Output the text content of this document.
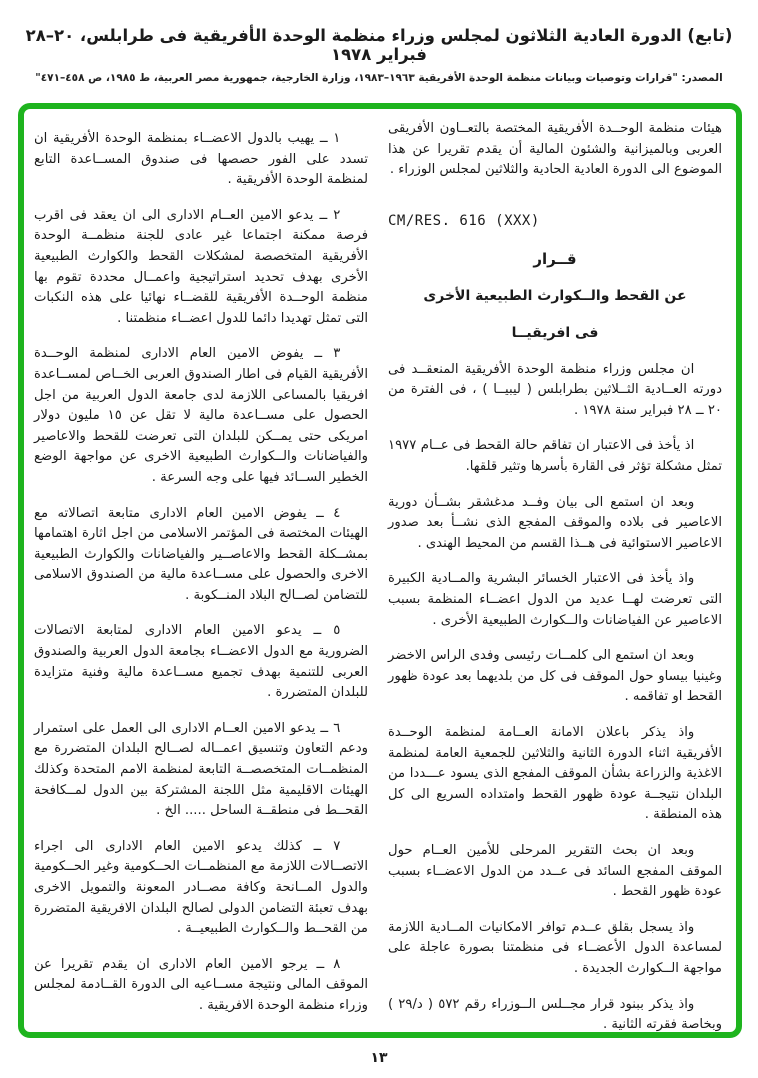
(تابع) الدورة العادية الثلاثون لمجلس وزراء منظمة الوحدة الأفريقية فى طرابلس، ٢٠–٢٨ فبراير ١٩٧٨
المصدر: "قرارات وتوصيات وبيانات منظمة الوحدة الأفريقية ١٩٦٣–١٩٨٣، وزارة الخارجية، جمهورية مصر العربية، ط ١٩٨٥، ص ٤٥٨–٤٧١"

هيئات منظمة الوحــدة الأفريقية المختصة بالتعــاون الأفريقى العربى وبالميزانية والشئون المالية أن يقدم تقريرا عن هذا الموضوع الى الدورة العادية الحادية والثلاثين لمجلس الوزراء .

CM/RES. 616 (XXX)

قــرار

عن القحط والــكوارث الطبيعية الأخرى

فى افريقيــا

ان مجلس وزراء منظمة الوحدة الأفريقية المنعقــد فى دورته العــادية الثــلاثين بطرابلس ( ليبيــا ) ، فى الفترة من ٢٠ ــ ٢٨ فبراير سنة ١٩٧٨ .

اذ يأخذ فى الاعتبار ان تفاقم حالة القحط فى عــام ١٩٧٧ تمثل مشكلة تؤثر فى القارة بأسرها وتثير قلقها.

وبعد ان استمع الى بيان وفــد مدغشقر بشــأن دورية الاعاصير فى بلاده والموقف المفجع الذى نشــأ بعد صدور الاعاصير الاستوائية فى هــذا القسم من المحيط الهندى .

واذ يأخذ فى الاعتبار الخسائر البشرية والمــادية الكبيرة التى تعرضت لهــا عديد من الدول اعضــاء المنظمة بسبب الاعاصير عن الفياضانات والــكوارث الطبيعية الأخرى .

وبعد ان استمع الى كلمــات رئيسى وفدى الراس الاخضر وغينيا بيساو حول الموقف فى كل من بلديهما بعد عودة ظهور القحط او تفاقمه .

واذ يذكر باعلان الامانة العــامة لمنظمة الوحــدة الأفريقية اثناء الدورة الثانية والثلاثين للجمعية العامة لمنظمة الاغذية والزراعة بشأن الموقف المفجع الذى يسود عـــددا من البلدان نتيجــة عودة ظهور القحط وامتداده السريع الى كل هذه المنطقة .

وبعد ان بحث التقرير المرحلى للأمين العــام حول الموقف المفجع السائد فى عــدد من الدول الاعضــاء بسبب عودة ظهور القحط .

واذ يسجل بقلق عــدم توافر الامكانيات المــادية اللازمة لمساعدة الدول الأعضــاء فى منظمتنا بصورة عاجلة على مواجهة الــكوارث الجديدة .

واذ يذكر ببنود قرار مجــلس الــوزراء رقم ٥٧٢ ( د/٢٩ ) وبخاصة فقرته الثانية .

١ ــ يهيب بالدول الاعضــاء بمنظمة الوحدة الأفريقية ان تسدد على الفور حصصها فى صندوق المســاعدة التابع لمنظمة الوحدة الأفريقية .

٢ ــ يدعو الامين العــام الادارى الى ان يعقد فى اقرب فرصة ممكنة اجتماعا غير عادى للجنة منظمــة الوحدة الأفريقية المتخصصة لمشكلات القحط والكوارث الطبيعية الأخرى بهدف تحديد استراتيجية واعمــال محددة تقوم بها منظمة الوحــدة الأفريقية للقضــاء نهائيا على هذه النكبات التى تمثل تهديدا دائما للدول اعضــاء منظمتنا .

٣ ــ يفوض الامين العام الادارى لمنظمة الوحــدة الأفريقية القيام فى اطار الصندوق العربى الخــاص لمســاعدة افريقيا بالمساعى اللازمة لدى جامعة الدول العربية من اجل الحصول على مســاعدة مالية لا تقل عن ١٥ مليون دولار امريكى حتى يمــكن للبلدان التى تعرضت للقحط والاعاصير والفياضانات والــكوارث الطبيعية الاخرى عن مواجهة الوضع الخطير الســائد فيها على وجه السرعة .

٤ ــ يفوض الامين العام الادارى متابعة اتصالاته مع الهيئات المختصة فى المؤتمر الاسلامى من اجل اثارة اهتمامها بمشــكلة القحط والاعاصــير والفياضانات والكوارث الطبيعية الاخرى والحصول على مســاعدة مالية من الصندوق الاسلامى للتضامن لصــالح البلاد المنــكوبة .

٥ ــ يدعو الامين العام الادارى لمتابعة الاتصالات الضرورية مع الدول الاعضــاء بجامعة الدول العربية والصندوق العربى للتنمية بهدف تجميع مســاعدة مالية وفنية متزايدة للبلدان المتضررة .

٦ ــ يدعو الامين العــام الادارى الى العمل على استمرار ودعم التعاون وتنسيق اعمــاله لصــالح البلدان المتضررة مع المنظمــات المتخصصــة التابعة لمنظمة الامم المتحدة وكذلك الهيئات الاقليمية مثل اللجنة المشتركة بين الدول لمــكافحة القحــط فى منطقــة الساحل ..... الخ .

٧ ــ كذلك يدعو الامين العام الادارى الى اجراء الاتصــالات اللازمة مع المنظمــات الحــكومية وغير الحــكومية والدول المــانحة وكافة مصــادر المعونة والتمويل الاخرى بهدف تعبئة التضامن الدولى لصالح البلدان الافريقية المتضررة من القحــط والــكوارث الطبيعيــة .

٨ ــ يرجو الامين العام الادارى ان يقدم تقريرا عن الموقف المالى ونتيجة مســاعيه الى الدورة القــادمة لمجلس وزراء منظمة الوحدة الافريقية .

١٣
